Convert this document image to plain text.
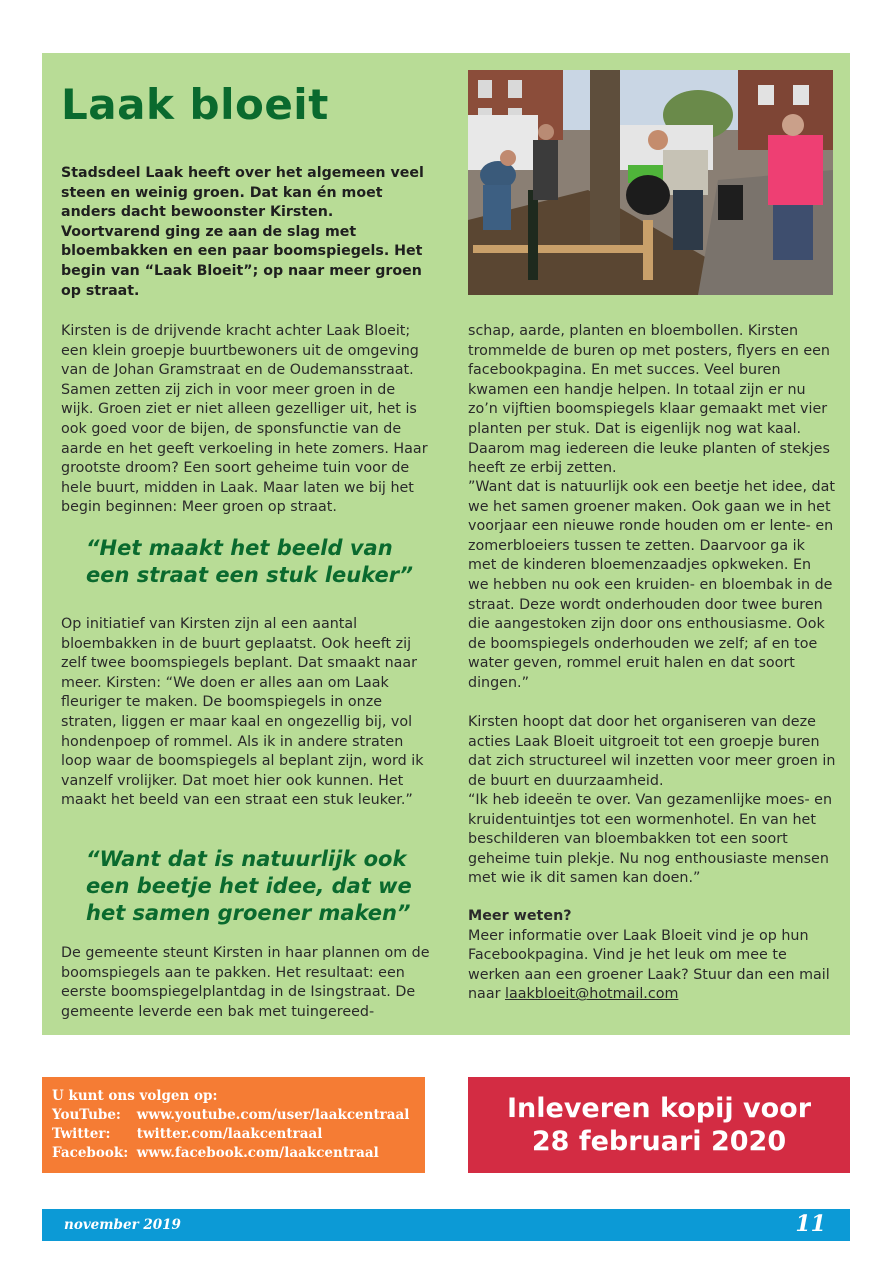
Laak bloeit

Stadsdeel Laak heeft over het algemeen veel steen en weinig groen. Dat kan én moet anders dacht bewoonster Kirsten. Voortvarend ging ze aan de slag met bloembakken en een paar boomspiegels. Het begin van “Laak Bloeit”; op naar meer groen op straat.

Kirsten is de drijvende kracht achter Laak Bloeit; een klein groepje buurtbewoners uit de omgeving van de Johan Gramstraat en de Oudemansstraat. Samen zetten zij zich in voor meer groen in de wijk. Groen ziet er niet alleen gezelliger uit, het is ook goed voor de bijen, de sponsfunctie van de aarde en het geeft verkoeling in hete zomers. Haar grootste droom? Een soort geheime tuin voor de hele buurt, midden in Laak. Maar laten we bij het begin beginnen: Meer groen op straat.

“Het maakt het beeld van een straat een stuk leuker”

Op initiatief van Kirsten zijn al een aantal bloembakken in de buurt geplaatst. Ook heeft zij zelf twee boomspiegels beplant. Dat smaakt naar meer. Kirsten: “We doen er alles aan om Laak fleuriger te maken. De boomspiegels in onze straten, liggen er maar kaal en ongezellig bij, vol hondenpoep of rommel. Als ik in andere straten loop waar de boomspiegels al beplant zijn, word ik vanzelf vrolijker. Dat moet hier ook kunnen. Het maakt het beeld van een straat een stuk leuker.”

“Want dat is natuurlijk ook een beetje het idee, dat we het samen groener maken”

De gemeente steunt Kirsten in haar plannen om de boomspiegels aan te pakken. Het resultaat: een eerste boomspiegelplantdag in de Isingstraat. De gemeente leverde een bak met tuingereed-

schap, aarde, planten en bloembollen. Kirsten trommelde de buren op met posters, flyers en een facebookpagina. En met succes. Veel buren kwamen een handje helpen. In totaal zijn er nu zo’n vijftien boomspiegels klaar gemaakt met vier planten per stuk. Dat is eigenlijk nog wat kaal. Daarom mag iedereen die leuke planten of stekjes heeft ze erbij zetten.

”Want dat is natuurlijk ook een beetje het idee, dat we het samen groener maken. Ook gaan we in het voorjaar een nieuwe ronde houden om er lente- en zomerbloeiers tussen te zetten. Daarvoor ga ik met de kinderen bloemenzaadjes opkweken. En we hebben nu ook een kruiden- en bloembak in de straat. Deze wordt onderhouden door twee buren die aangestoken zijn door ons enthousiasme. Ook de boomspiegels onderhouden we zelf; af en toe water geven, rommel eruit halen en dat soort dingen.”

Kirsten hoopt dat door het organiseren van deze acties Laak Bloeit uitgroeit tot een groepje buren dat zich structureel wil inzetten voor meer groen in de buurt en duurzaamheid.

“Ik heb ideeën te over. Van gezamenlijke moes- en kruidentuintjes tot een wormenhotel. En van het beschilderen van bloembakken tot een soort geheime tuin plekje. Nu nog enthousiaste mensen met wie ik dit samen kan doen.”

Meer weten?
Meer informatie over Laak Bloeit vind je op hun Facebookpagina. Vind je het leuk om mee te werken aan een groener Laak? Stuur dan een mail naar laakbloeit@hotmail.com
U kunt ons volgen op:
YouTube: www.youtube.com/user/laakcentraal
Twitter: twitter.com/laakcentraal
Facebook: www.facebook.com/laakcentraal
Inleveren kopij voor
28 februari 2020
november 2019	11
